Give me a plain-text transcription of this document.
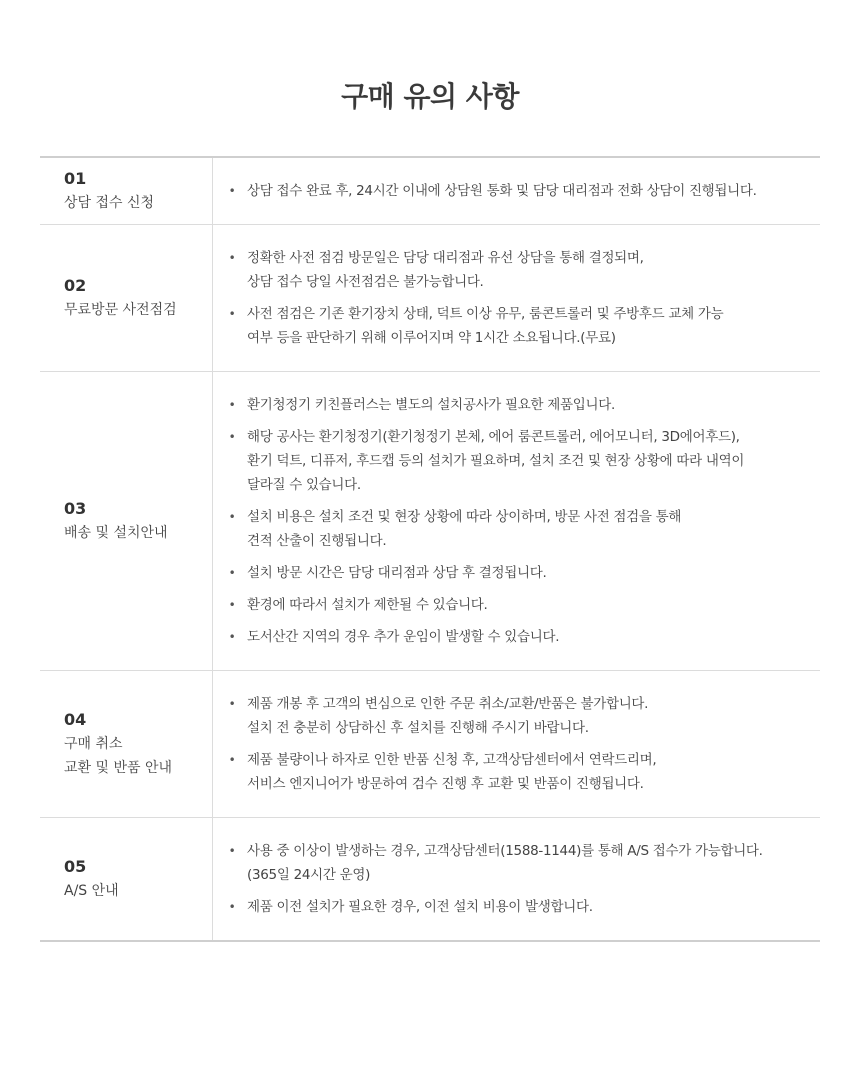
구매 유의 사항
01
상담 접수 신청
• 상담 접수 완료 후, 24시간 이내에 상담원 통화 및 담당 대리점과 전화 상담이 진행됩니다.
02
무료방문 사전점검
• 정확한 사전 점검 방문일은 담당 대리점과 유선 상담을 통해 결정되며,
상담 접수 당일 사전점검은 불가능합니다.
• 사전 점검은 기존 환기장치 상태, 덕트 이상 유무, 룸콘트롤러 및 주방후드 교체 가능
여부 등을 판단하기 위해 이루어지며 약 1시간 소요됩니다.(무료)
03
배송 및 설치안내
• 환기청정기 키친플러스는 별도의 설치공사가 필요한 제품입니다.
• 해당 공사는 환기청정기(환기청정기 본체, 에어 룸콘트롤러, 에어모니터, 3D에어후드),
환기 덕트, 디퓨저, 후드캡 등의 설치가 필요하며, 설치 조건 및 현장 상황에 따라 내역이
달라질 수 있습니다.
• 설치 비용은 설치 조건 및 현장 상황에 따라 상이하며, 방문 사전 점검을 통해
견적 산출이 진행됩니다.
• 설치 방문 시간은 담당 대리점과 상담 후 결정됩니다.
• 환경에 따라서 설치가 제한될 수 있습니다.
• 도서산간 지역의 경우 추가 운임이 발생할 수 있습니다.
04
구매 취소
교환 및 반품 안내
• 제품 개봉 후 고객의 변심으로 인한 주문 취소/교환/반품은 불가합니다.
설치 전 충분히 상담하신 후 설치를 진행해 주시기 바랍니다.
• 제품 불량이나 하자로 인한 반품 신청 후, 고객상담센터에서 연락드리며,
서비스 엔지니어가 방문하여 검수 진행 후 교환 및 반품이 진행됩니다.
05
A/S 안내
• 사용 중 이상이 발생하는 경우, 고객상담센터(1588-1144)를 통해 A/S 접수가 가능합니다.
(365일 24시간 운영)
• 제품 이전 설치가 필요한 경우, 이전 설치 비용이 발생합니다.
